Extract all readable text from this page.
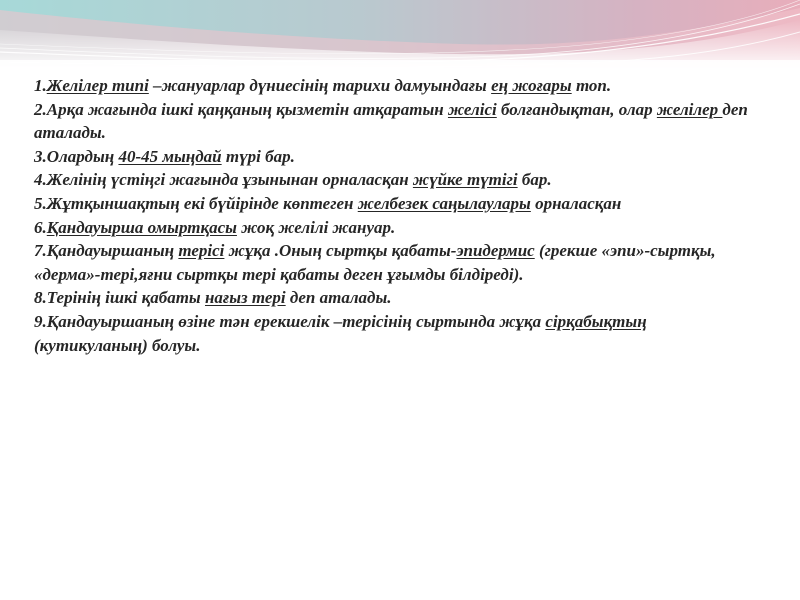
1.Желілер типі –жануарлар дүниесінің тарихи дамуындағы ең жоғары топ.

2.Арқа жағында ішкі қаңқаның қызметін атқаратын желісі болғандықтан, олар желілер деп аталады.

3.Олардың 40-45 мыңдай түрі бар.

4.Желінің үстіңгі жағында ұзынынан орналасқан жүйке түтігі бар.

5.Жұтқыншақтың екі бүйірінде көптеген желбезек саңылаулары орналасқан

6.Қандауырша омыртқасы жоқ желілі жануар.

7.Қандауыршаның терісі жұқа .Оның сыртқы қабаты-эпидермис (грекше «эпи»-сыртқы, «дерма»-тері,яғни сыртқы тері қабаты деген ұғымды білдіреді).

8.Терінің ішкі қабаты нағыз тері деп аталады.

9.Қандауыршаның өзіне тән ерекшелік –терісінің сыртында жұқа сірқабықтың (кутикуланың) болуы.
